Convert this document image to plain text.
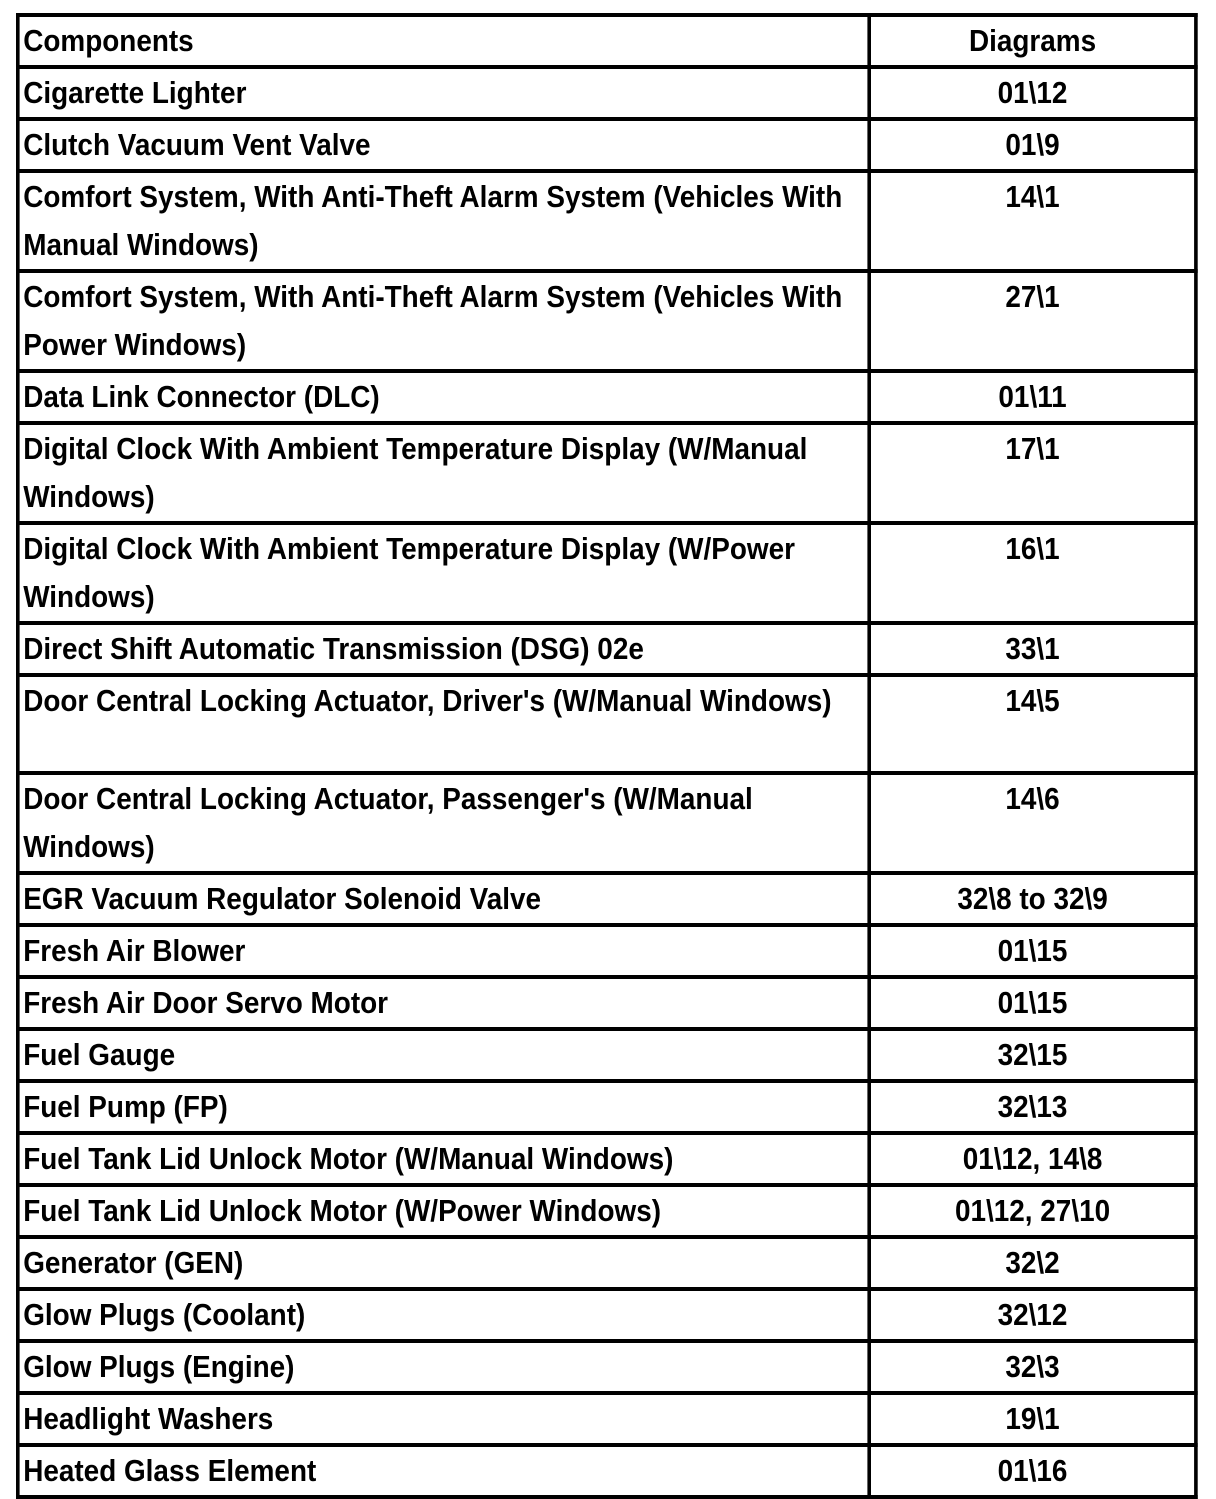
Components	Diagrams
Cigarette Lighter	01\12
Clutch Vacuum Vent Valve	01\9
Comfort System, With Anti-Theft Alarm System (Vehicles With Manual Windows)	14\1
Comfort System, With Anti-Theft Alarm System (Vehicles With Power Windows)	27\1
Data Link Connector (DLC)	01\11
Digital Clock With Ambient Temperature Display (W/Manual Windows)	17\1
Digital Clock With Ambient Temperature Display (W/Power Windows)	16\1
Direct Shift Automatic Transmission (DSG) 02e	33\1
Door Central Locking Actuator, Driver's (W/Manual Windows)	14\5
Door Central Locking Actuator, Passenger's (W/Manual Windows)	14\6
EGR Vacuum Regulator Solenoid Valve	32\8 to 32\9
Fresh Air Blower	01\15
Fresh Air Door Servo Motor	01\15
Fuel Gauge	32\15
Fuel Pump (FP)	32\13
Fuel Tank Lid Unlock Motor (W/Manual Windows)	01\12, 14\8
Fuel Tank Lid Unlock Motor (W/Power Windows)	01\12, 27\10
Generator (GEN)	32\2
Glow Plugs (Coolant)	32\12
Glow Plugs (Engine)	32\3
Headlight Washers	19\1
Heated Glass Element	01\16
